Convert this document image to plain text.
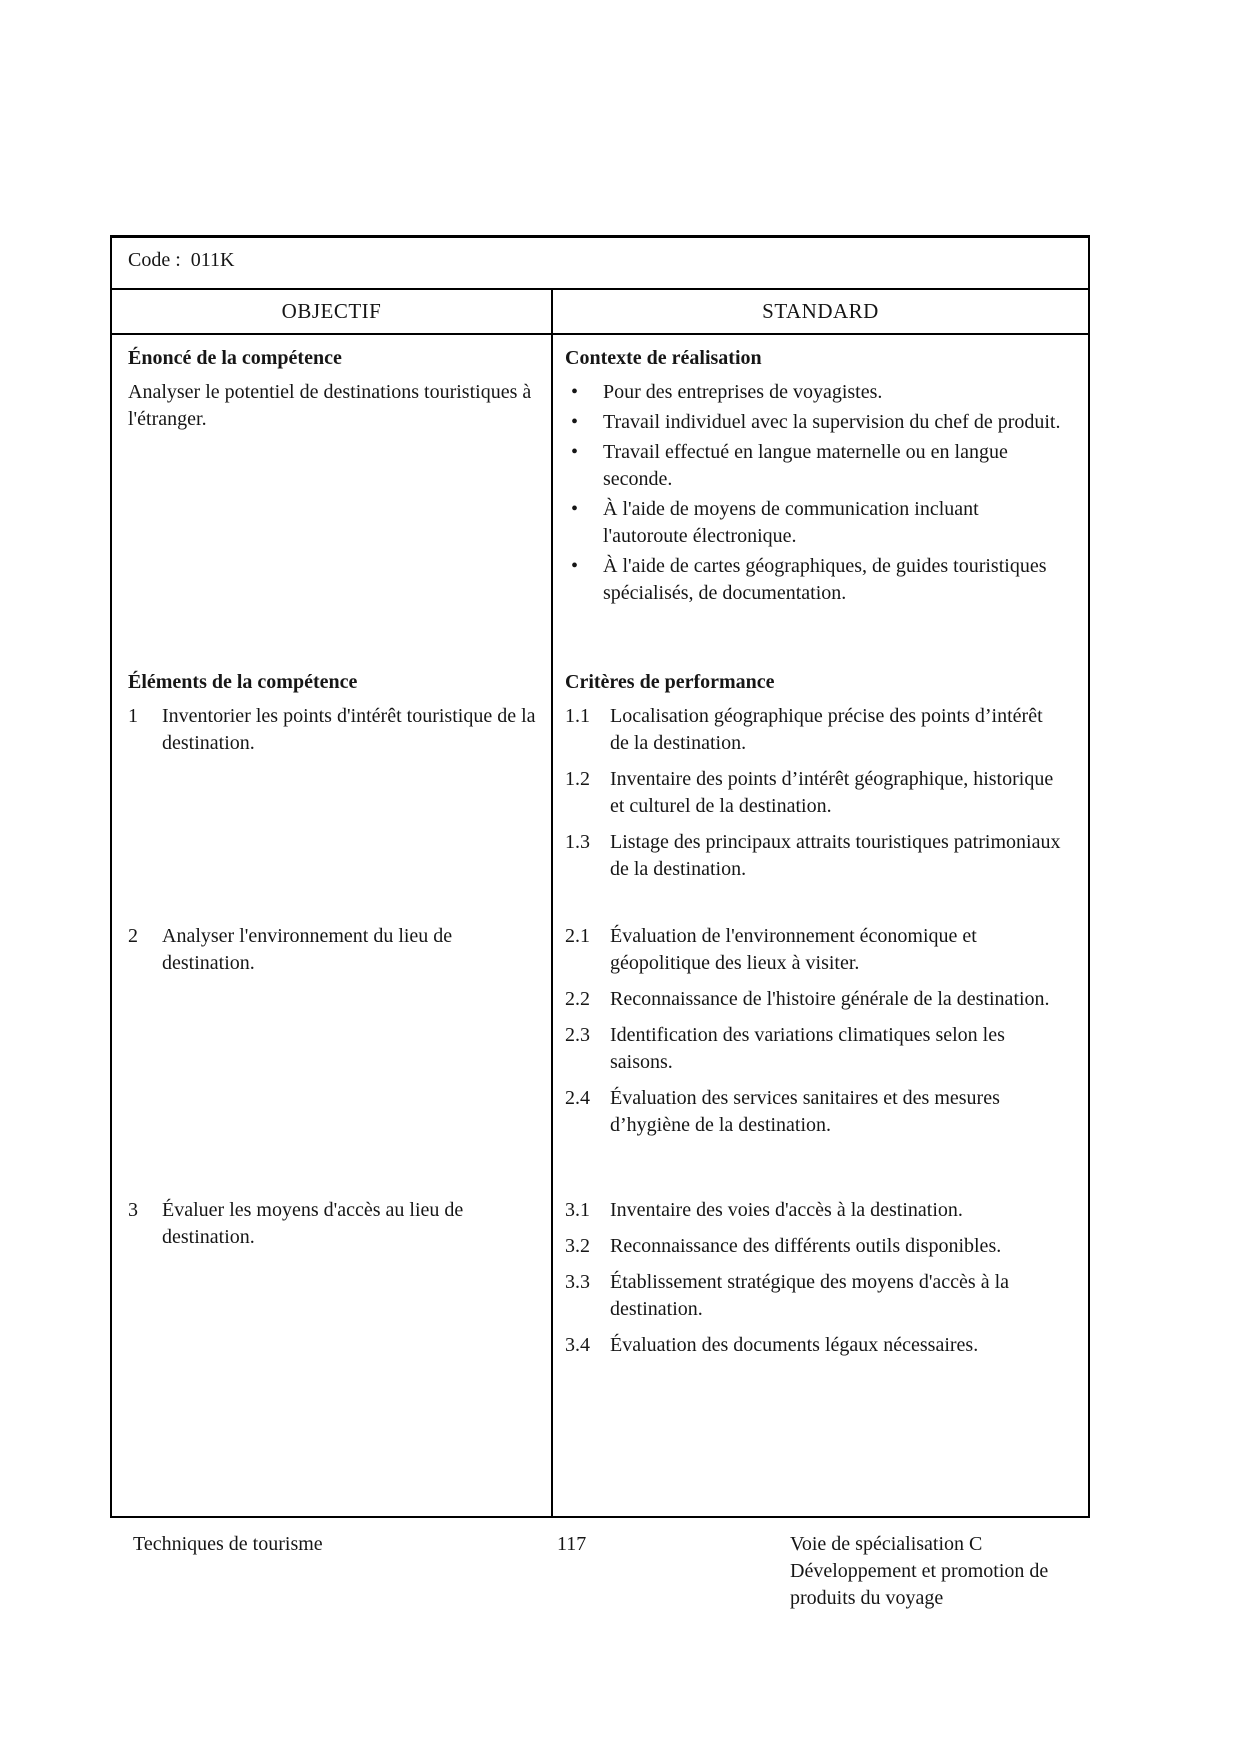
Code :  011K
OBJECTIF	STANDARD
Énoncé de la compétence
Analyser le potentiel de destinations touristiques à l'étranger.
Éléments de la compétence
1	Inventorier les points d'intérêt touristique de la destination.
2	Analyser l'environnement du lieu de destination.
3	Évaluer les moyens d'accès au lieu de destination.
Contexte de réalisation
•	Pour des entreprises de voyagistes.
•	Travail individuel avec la supervision du chef de produit.
•	Travail effectué en langue maternelle ou en langue seconde.
•	À l'aide de moyens de communication incluant l'autoroute électronique.
•	À l'aide de cartes géographiques, de guides touristiques spécialisés, de documentation.
Critères de performance
1.1	Localisation géographique précise des points d’intérêt de la destination.
1.2	Inventaire des points d’intérêt géographique, historique et culturel de la destination.
1.3	Listage des principaux attraits touristiques patrimoniaux de la destination.
2.1	Évaluation de l'environnement économique et géopolitique des lieux à visiter.
2.2	Reconnaissance de l'histoire générale de la destination.
2.3	Identification des variations climatiques selon les saisons.
2.4	Évaluation des services sanitaires et des mesures d’hygiène de la destination.
3.1	Inventaire des voies d'accès à la destination.
3.2	Reconnaissance des différents outils disponibles.
3.3	Établissement stratégique des moyens d'accès à la destination.
3.4	Évaluation des documents légaux nécessaires.
Techniques de tourisme	117	Voie de spécialisation C
Développement et promotion de produits du voyage
